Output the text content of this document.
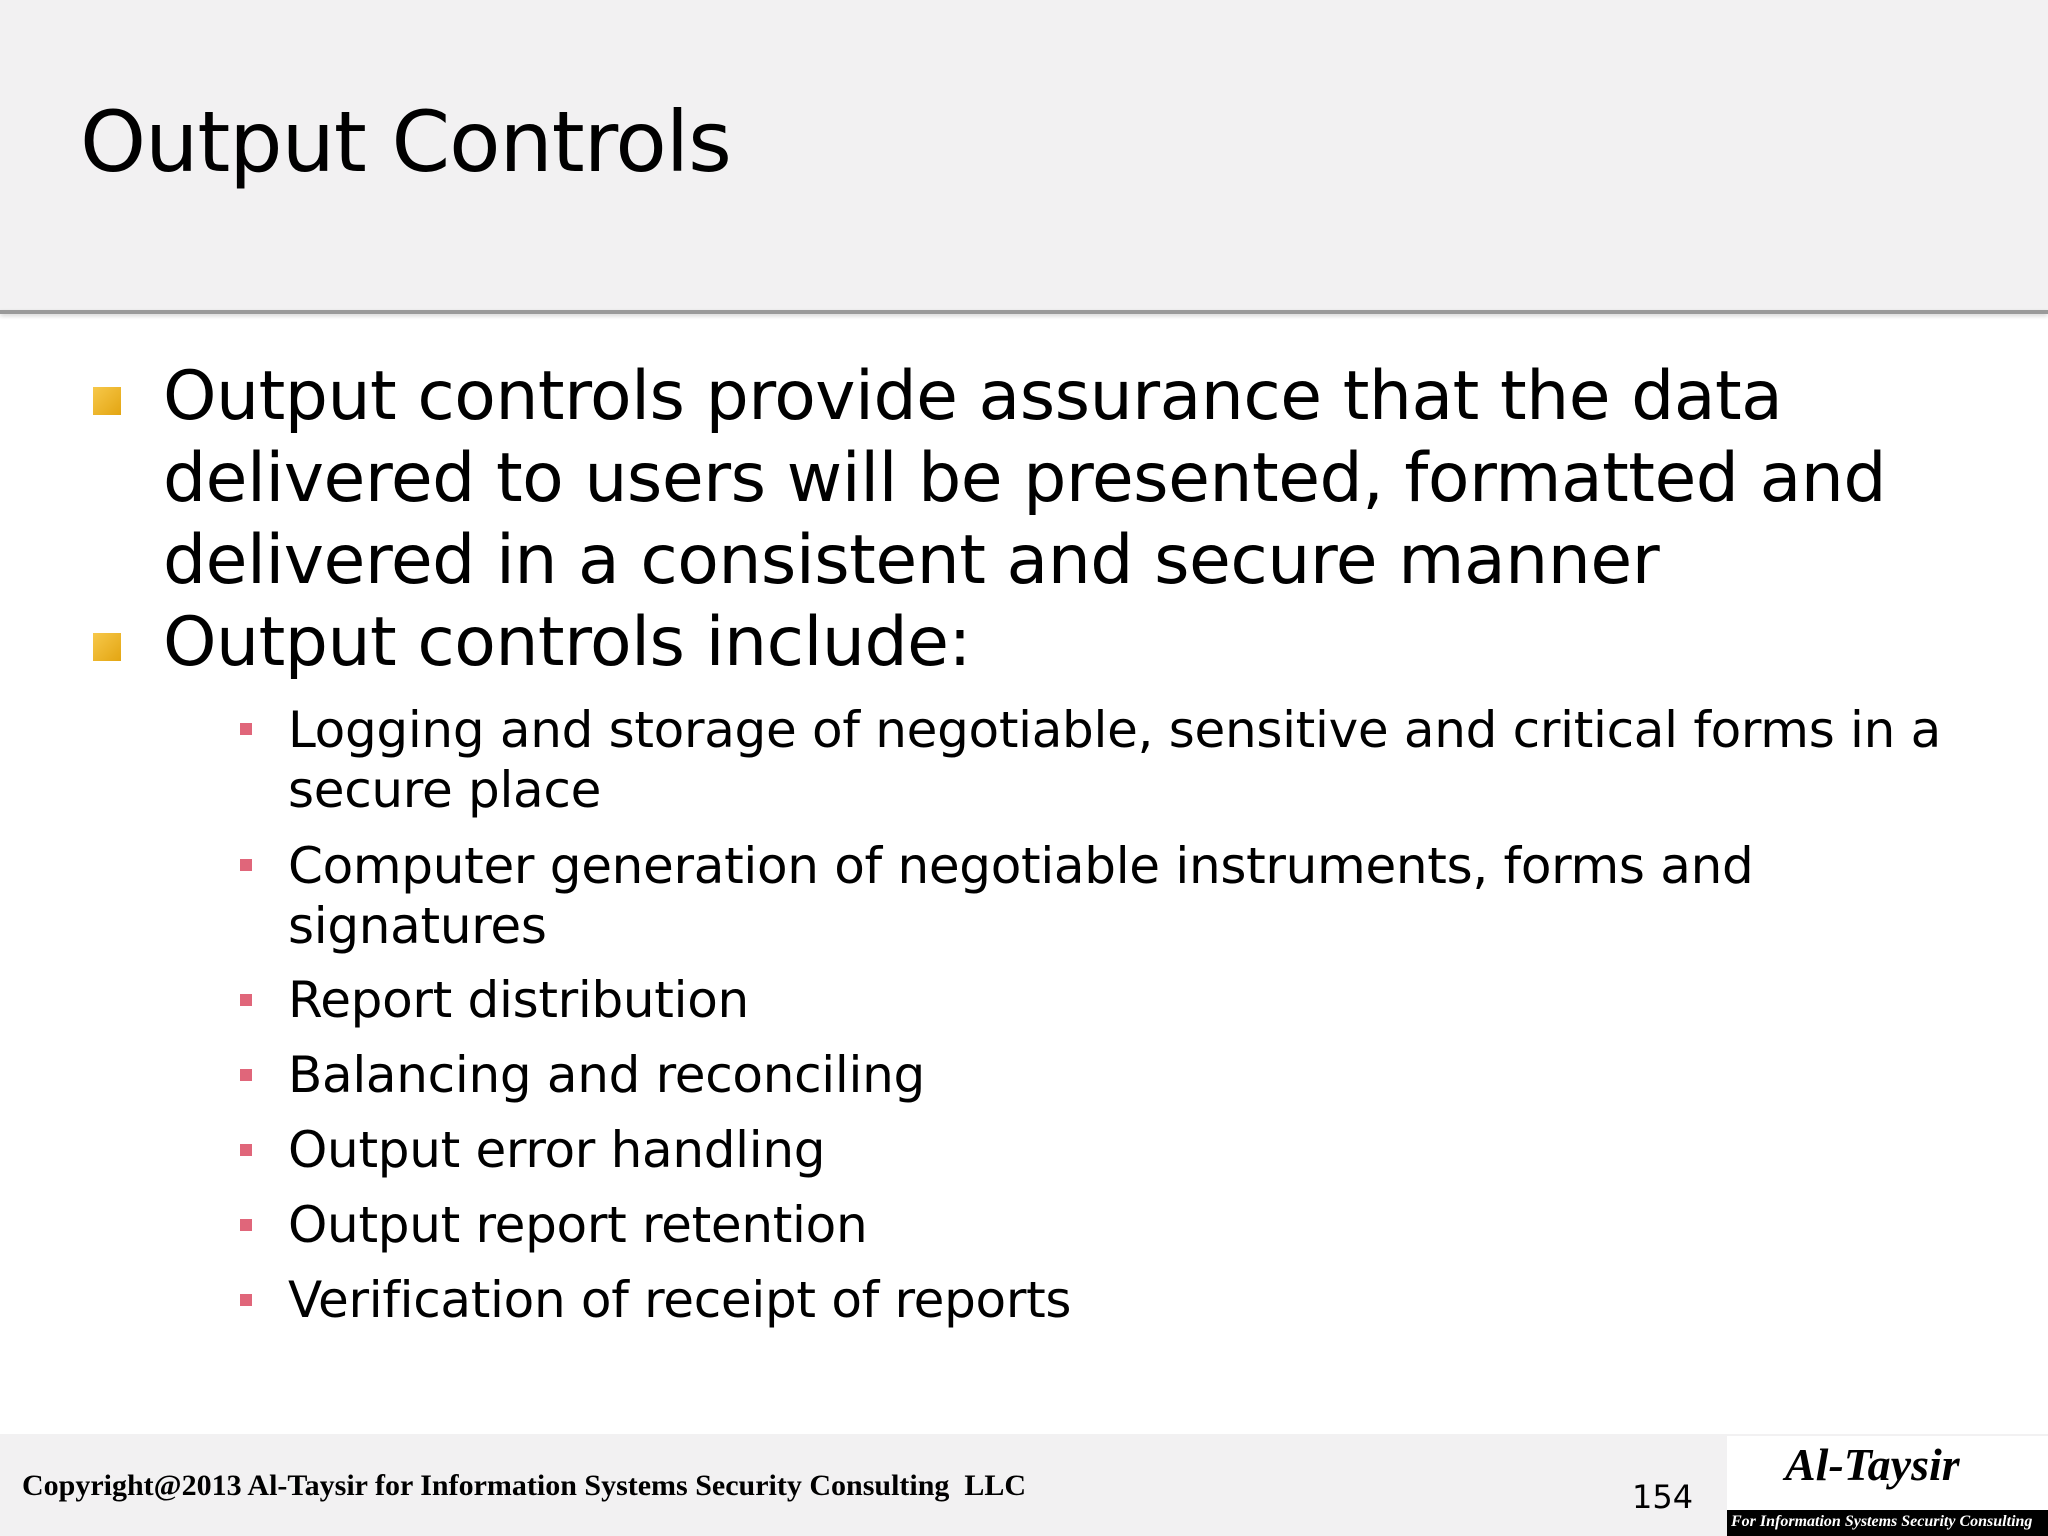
Output Controls
Output controls provide assurance that the data
delivered to users will be presented, formatted and
delivered in a consistent and secure manner
Output controls include:
Logging and storage of negotiable, sensitive and critical forms in a
secure place
Computer generation of negotiable instruments, forms and
signatures
Report distribution
Balancing and reconciling
Output error handling
Output report retention
Verification of receipt of reports
Copyright@2013 Al-Taysir for Information Systems Security Consulting  LLC	154
Al-Taysir
For Information Systems Security Consulting
